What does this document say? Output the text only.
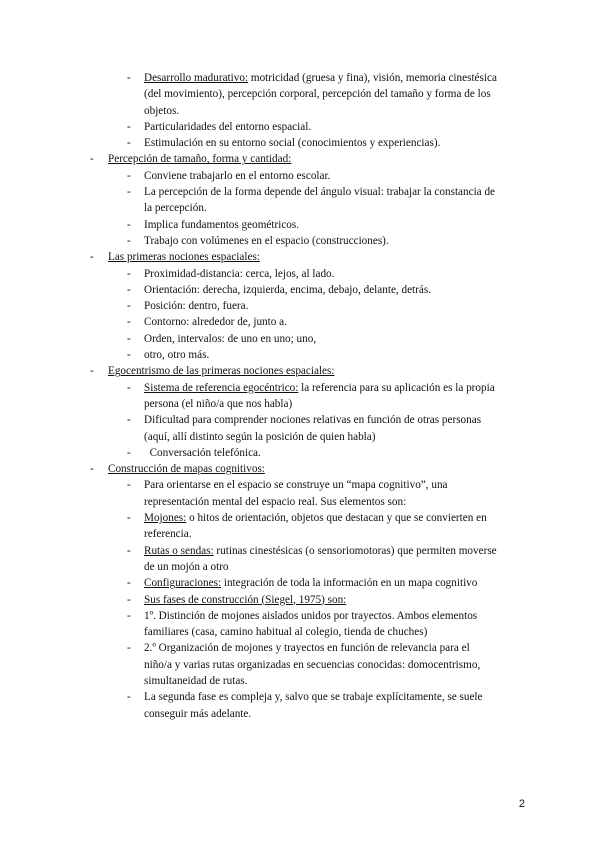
- Desarrollo madurativo: motricidad (gruesa y fina), visión, memoria cinestésica
(del movimiento), percepción corporal, percepción del tamaño y forma de los
objetos.
- Particularidades del entorno espacial.
- Estimulación en su entorno social (conocimientos y experiencias).
- Percepción de tamaño, forma y cantidad:
- Conviene trabajarlo en el entorno escolar.
- La percepción de la forma depende del ángulo visual: trabajar la constancia de
la percepción.
- Implica fundamentos geométricos.
- Trabajo con volúmenes en el espacio (construcciones).
- Las primeras nociones espaciales:
- Proximidad-distancia: cerca, lejos, al lado.
- Orientación: derecha, izquierda, encima, debajo, delante, detrás.
- Posición: dentro, fuera.
- Contorno: alrededor de, junto a.
- Orden, intervalos: de uno en uno; uno,
- otro, otro más.
- Egocentrismo de las primeras nociones espaciales:
- Sistema de referencia egocéntrico: la referencia para su aplicación es la propia
persona (el niño/a que nos habla)
- Dificultad para comprender nociones relativas en función de otras personas
(aquí, allí distinto según la posición de quien habla)
- Conversación telefónica.
- Construcción de mapas cognitivos:
- Para orientarse en el espacio se construye un “mapa cognitivo”, una
representación mental del espacio real. Sus elementos son:
- Mojones: o hitos de orientación, objetos que destacan y que se convierten en
referencia.
- Rutas o sendas: rutinas cinestésicas (o sensoriomotoras) que permiten moverse
de un mojón a otro
- Configuraciones: integración de toda la información en un mapa cognitivo
- Sus fases de construcción (Siegel, 1975) son:
- 1º. Distinción de mojones aislados unidos por trayectos. Ambos elementos
familiares (casa, camino habitual al colegio, tienda de chuches)
- 2.º Organización de mojones y trayectos en función de relevancia para el
niño/a y varias rutas organizadas en secuencias conocidas: domocentrismo,
simultaneidad de rutas.
- La segunda fase es compleja y, salvo que se trabaje explícitamente, se suele
conseguir más adelante.
2
